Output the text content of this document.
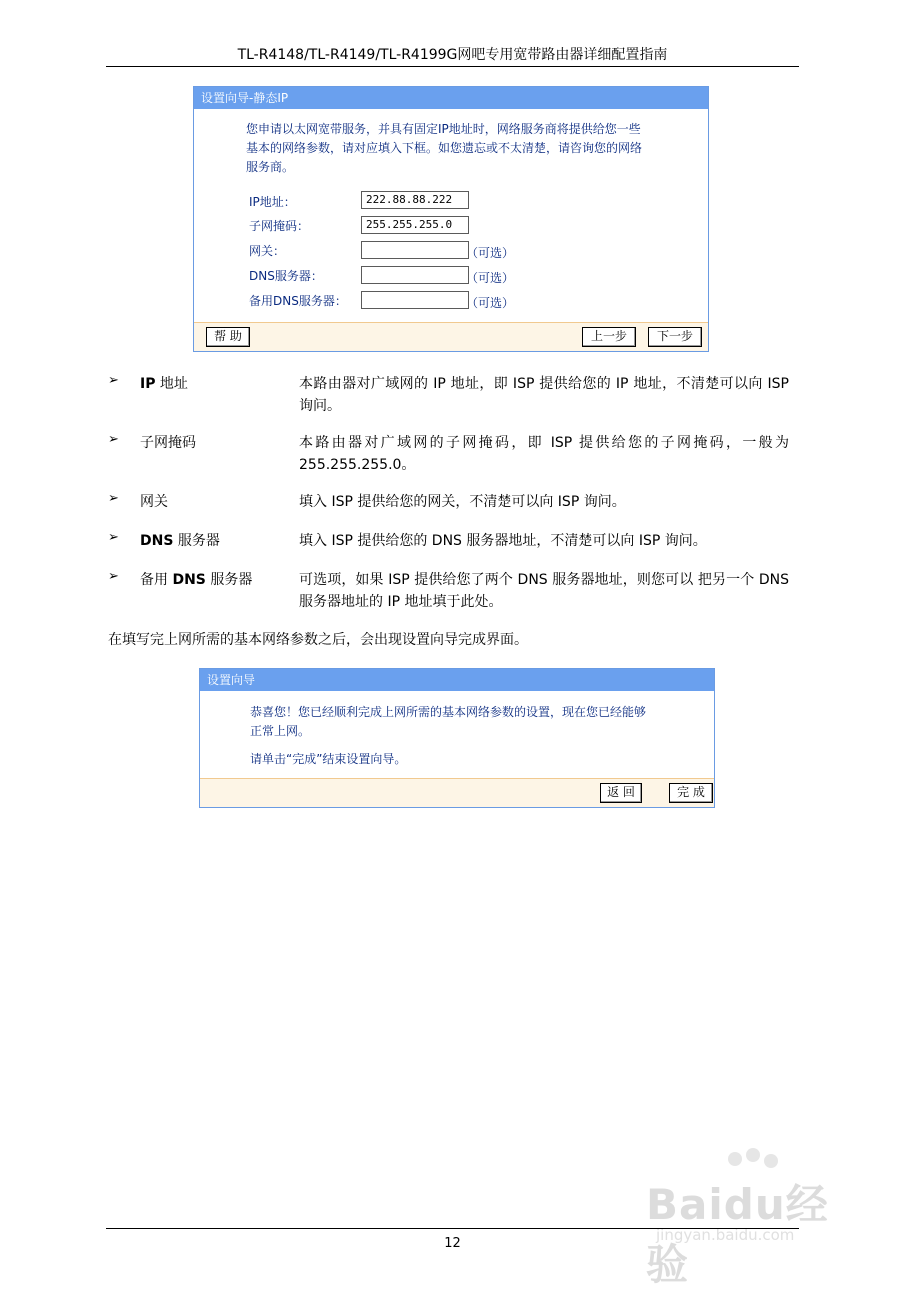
TL-R4148/TL-R4149/TL-R4199G网吧专用宽带路由器详细配置指南
设置向导-静态IP
您申请以太网宽带服务，并具有固定IP地址时，网络服务商将提供给您一些
基本的网络参数，请对应填入下框。如您遗忘或不太清楚，请咨询您的网络
服务商。
IP地址：	222.88.88.222
子网掩码：	255.255.255.0
网关：	（可选）
DNS服务器：	（可选）
备用DNS服务器：	（可选）
帮 助	上一步	下一步
➢ IP 地址	本路由器对广域网的 IP 地址，即 ISP 提供给您的 IP 地址，不清楚可以向 ISP 询问。
➢ 子网掩码	本路由器对广域网的子网掩码，即 ISP 提供给您的子网掩码，一般为 255.255.255.0。
➢ 网关	填入 ISP 提供给您的网关，不清楚可以向 ISP 询问。
➢ DNS 服务器	填入 ISP 提供给您的 DNS 服务器地址，不清楚可以向 ISP 询问。
➢ 备用 DNS 服务器	可选项，如果 ISP 提供给您了两个 DNS 服务器地址，则您可以 把另一个 DNS 服务器地址的 IP 地址填于此处。
在填写完上网所需的基本网络参数之后，会出现设置向导完成界面。
设置向导
恭喜您！您已经顺利完成上网所需的基本网络参数的设置，现在您已经能够
正常上网。
请单击“完成”结束设置向导。
返 回	完 成
Baidu经验
jingyan.baidu.com
12
